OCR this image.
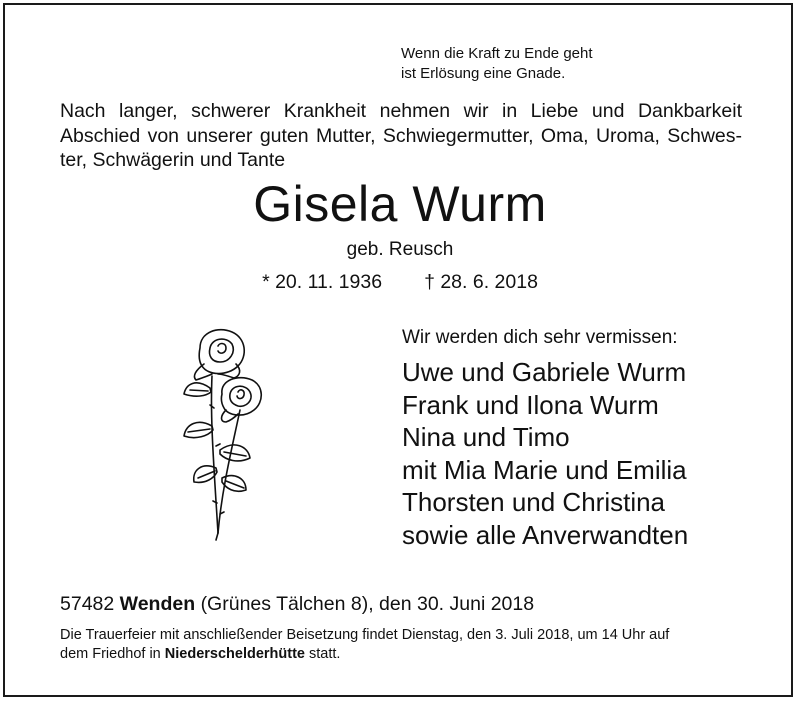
Wenn die Kraft zu Ende geht
ist Erlösung eine Gnade.
Nach langer, schwerer Krankheit nehmen wir in Liebe und Dankbarkeit
Abschied von unserer guten Mutter, Schwiegermutter, Oma, Uroma, Schwes-
ter, Schwägerin und Tante
Gisela Wurm
geb. Reusch
* 20. 11. 1936 † 28. 6. 2018
Wir werden dich sehr vermissen:
Uwe und Gabriele Wurm
Frank und Ilona Wurm
Nina und Timo
mit Mia Marie und Emilia
Thorsten und Christina
sowie alle Anverwandten
57482 Wenden (Grünes Tälchen 8), den 30. Juni 2018
Die Trauerfeier mit anschließender Beisetzung findet Dienstag, den 3. Juli 2018, um 14 Uhr auf
dem Friedhof in Niederschelderhütte statt.
